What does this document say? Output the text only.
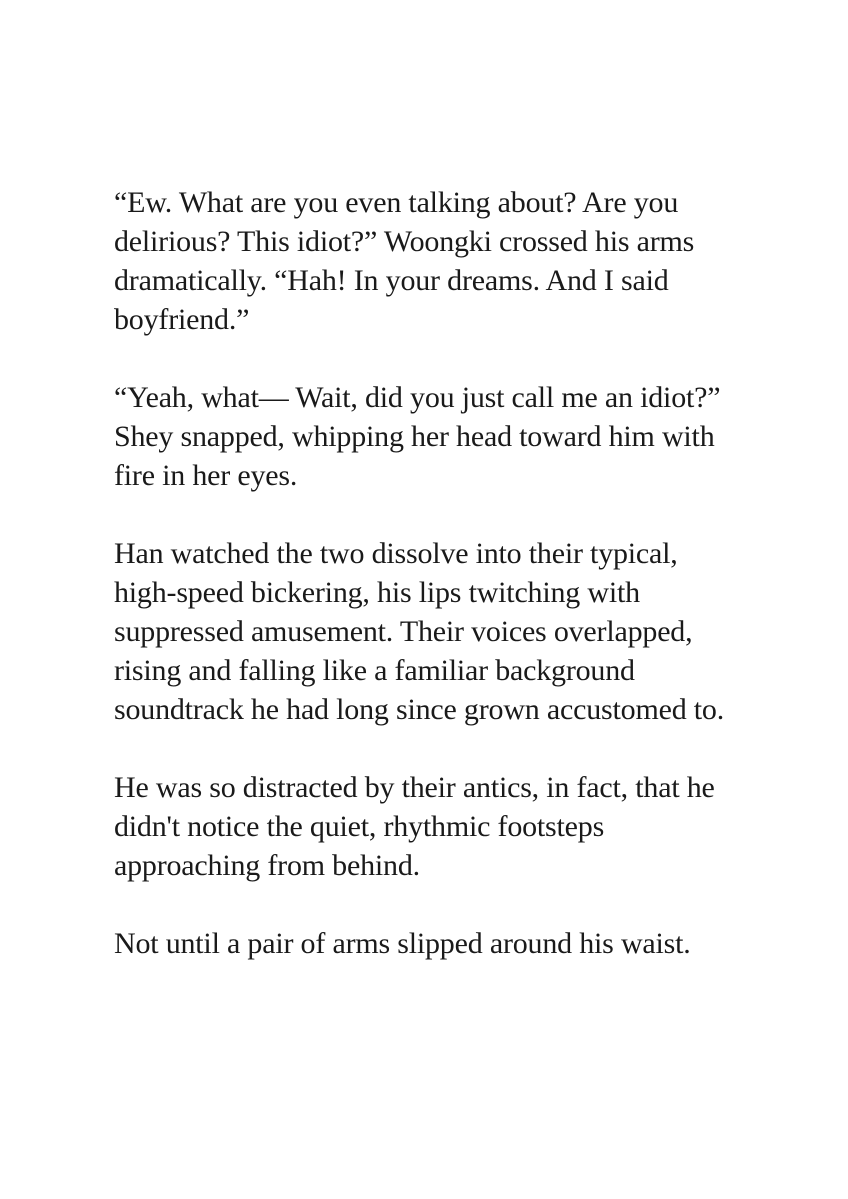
“Ew. What are you even talking about? Are you
delirious? This idiot?” Woongki crossed his arms
dramatically. “Hah! In your dreams. And I said
boyfriend.”

“Yeah, what— Wait, did you just call me an idiot?”
Shey snapped, whipping her head toward him with
fire in her eyes.

Han watched the two dissolve into their typical,
high-speed bickering, his lips twitching with
suppressed amusement. Their voices overlapped,
rising and falling like a familiar background
soundtrack he had long since grown accustomed to.

He was so distracted by their antics, in fact, that he
didn't notice the quiet, rhythmic footsteps
approaching from behind.

Not until a pair of arms slipped around his waist.
